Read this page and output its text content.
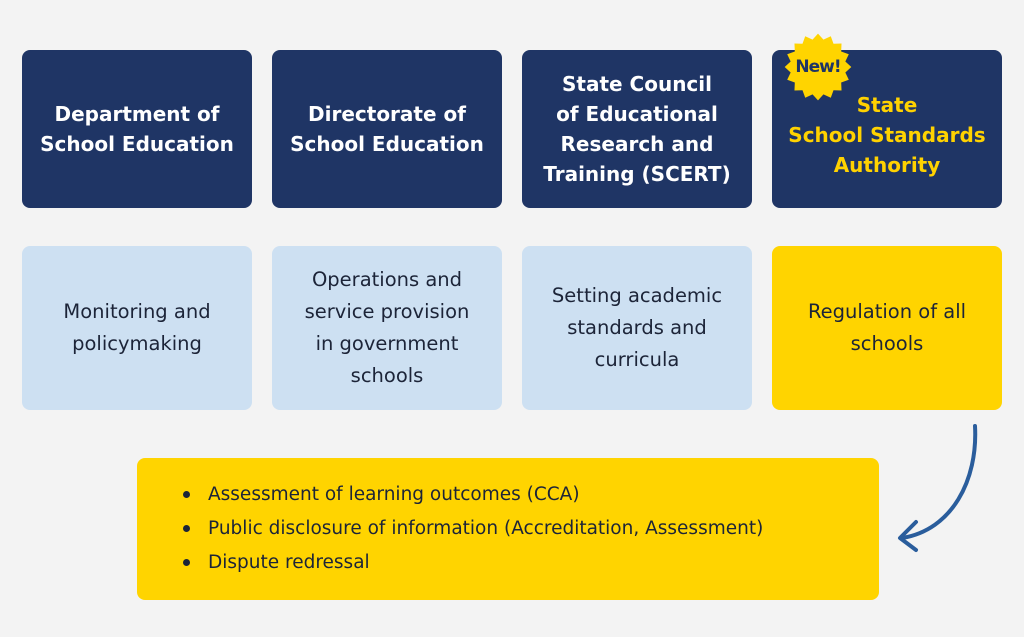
Department of
School Education
Directorate of
School Education
State Council
of Educational
Research and
Training (SCERT)
State
School Standards
Authority
New!
Monitoring and
policymaking
Operations and
service provision
in government
schools
Setting academic
standards and
curricula
Regulation of all
schools
Assessment of learning outcomes (CCA)
Public disclosure of information (Accreditation, Assessment)
Dispute redressal
